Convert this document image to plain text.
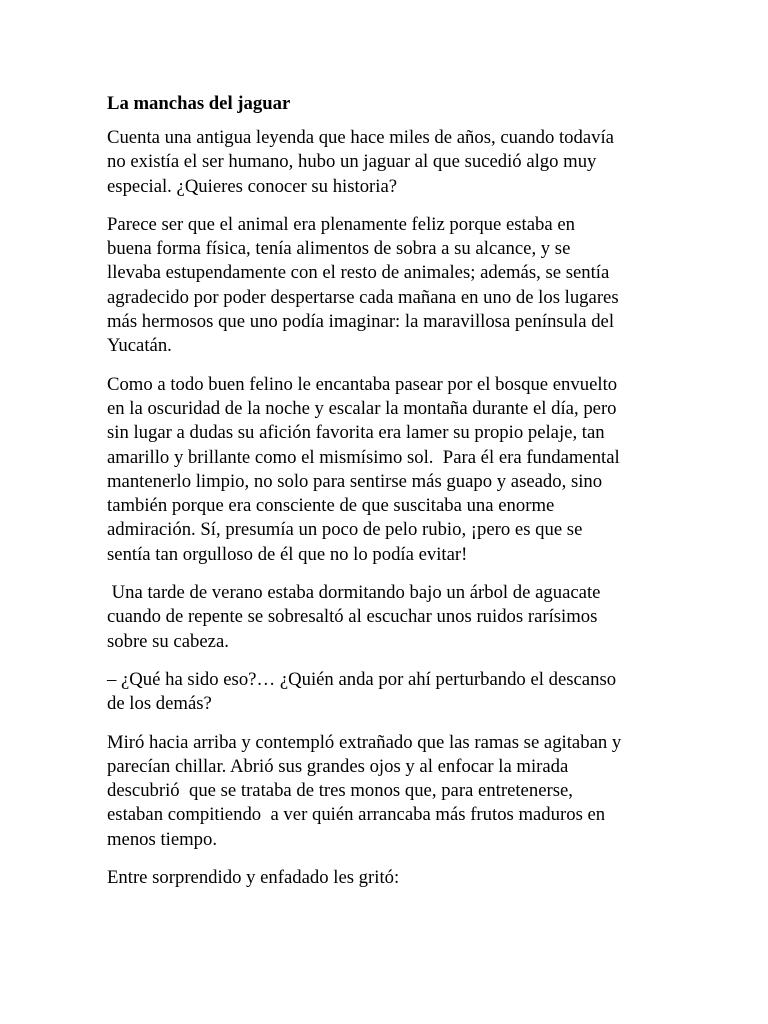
La manchas del jaguar

Cuenta una antigua leyenda que hace miles de años, cuando todavía
no existía el ser humano, hubo un jaguar al que sucedió algo muy
especial. ¿Quieres conocer su historia?

Parece ser que el animal era plenamente feliz porque estaba en
buena forma física, tenía alimentos de sobra a su alcance, y se
llevaba estupendamente con el resto de animales; además, se sentía
agradecido por poder despertarse cada mañana en uno de los lugares
más hermosos que uno podía imaginar: la maravillosa península del
Yucatán.

Como a todo buen felino le encantaba pasear por el bosque envuelto
en la oscuridad de la noche y escalar la montaña durante el día, pero
sin lugar a dudas su afición favorita era lamer su propio pelaje, tan
amarillo y brillante como el mismísimo sol.  Para él era fundamental
mantenerlo limpio, no solo para sentirse más guapo y aseado, sino
también porque era consciente de que suscitaba una enorme
admiración. Sí, presumía un poco de pelo rubio, ¡pero es que se
sentía tan orgulloso de él que no lo podía evitar!

Una tarde de verano estaba dormitando bajo un árbol de aguacate
cuando de repente se sobresaltó al escuchar unos ruidos rarísimos
sobre su cabeza.

– ¿Qué ha sido eso?… ¿Quién anda por ahí perturbando el descanso
de los demás?

Miró hacia arriba y contempló extrañado que las ramas se agitaban y
parecían chillar. Abrió sus grandes ojos y al enfocar la mirada
descubrió  que se trataba de tres monos que, para entretenerse,
estaban compitiendo  a ver quién arrancaba más frutos maduros en
menos tiempo.

Entre sorprendido y enfadado les gritó:
